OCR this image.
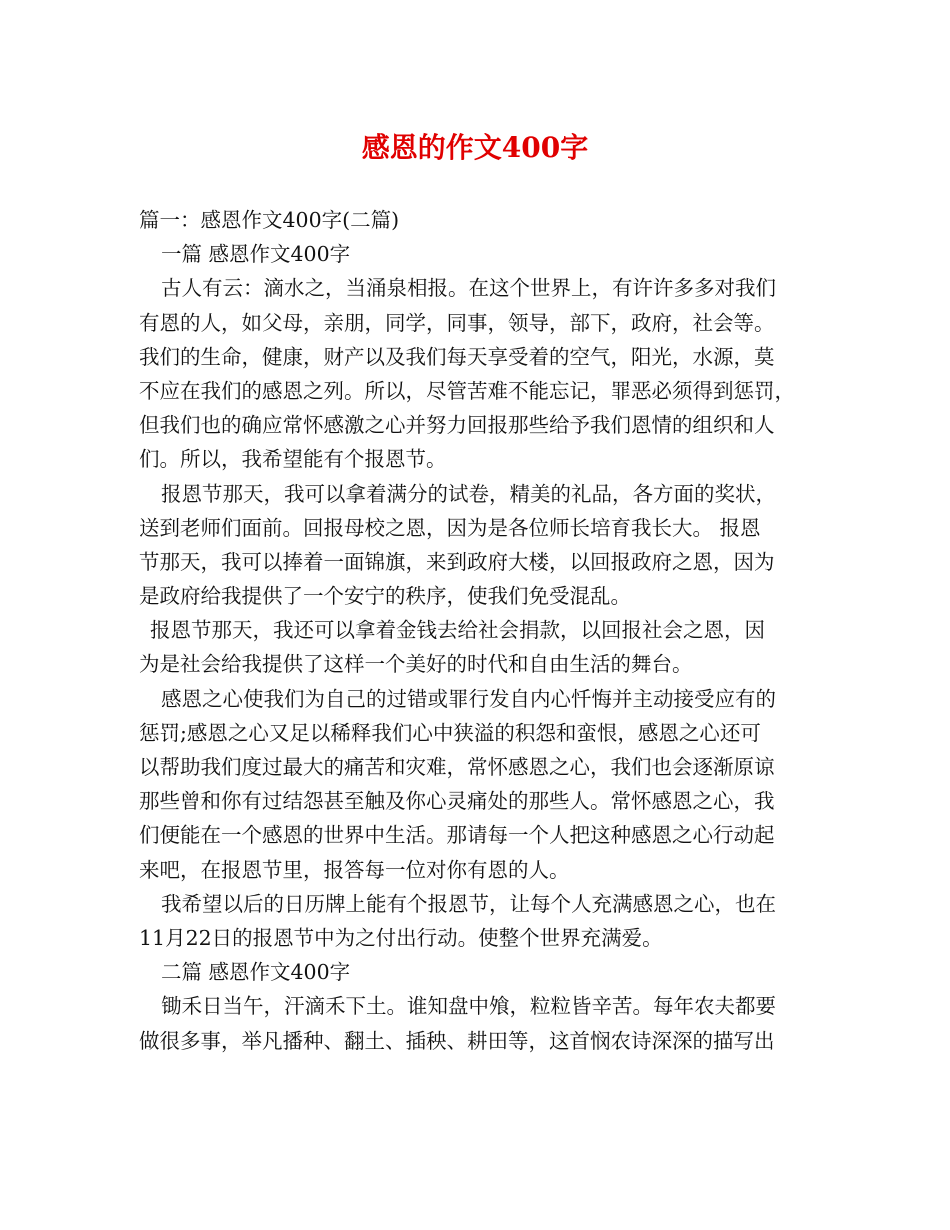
感恩的作文400字
篇一：感恩作文400字(二篇)
一篇 感恩作文400字
古人有云：滴水之，当涌泉相报。在这个世界上，有许许多多对我们
有恩的人，如父母，亲朋，同学，同事，领导，部下，政府，社会等。
我们的生命，健康，财产以及我们每天享受着的空气，阳光，水源，莫
不应在我们的感恩之列。所以，尽管苦难不能忘记，罪恶必须得到惩罚，
但我们也的确应常怀感激之心并努力回报那些给予我们恩情的组织和人
们。所以，我希望能有个报恩节。
报恩节那天，我可以拿着满分的试卷，精美的礼品，各方面的奖状，
送到老师们面前。回报母校之恩，因为是各位师长培育我长大。 报恩
节那天，我可以捧着一面锦旗，来到政府大楼，以回报政府之恩，因为
是政府给我提供了一个安宁的秩序，使我们免受混乱。
报恩节那天，我还可以拿着金钱去给社会捐款，以回报社会之恩，因
为是社会给我提供了这样一个美好的时代和自由生活的舞台。
感恩之心使我们为自己的过错或罪行发自内心忏悔并主动接受应有的
惩罚;感恩之心又足以稀释我们心中狭溢的积怨和蛮恨，感恩之心还可
以帮助我们度过最大的痛苦和灾难，常怀感恩之心，我们也会逐渐原谅
那些曾和你有过结怨甚至触及你心灵痛处的那些人。常怀感恩之心，我
们便能在一个感恩的世界中生活。那请每一个人把这种感恩之心行动起
来吧，在报恩节里，报答每一位对你有恩的人。
我希望以后的日历牌上能有个报恩节，让每个人充满感恩之心，也在
11月22日的报恩节中为之付出行动。使整个世界充满爱。
二篇 感恩作文400字
锄禾日当午，汗滴禾下土。谁知盘中飧，粒粒皆辛苦。每年农夫都要
做很多事，举凡播种、翻土、插秧、耕田等，这首悯农诗深深的描写出
